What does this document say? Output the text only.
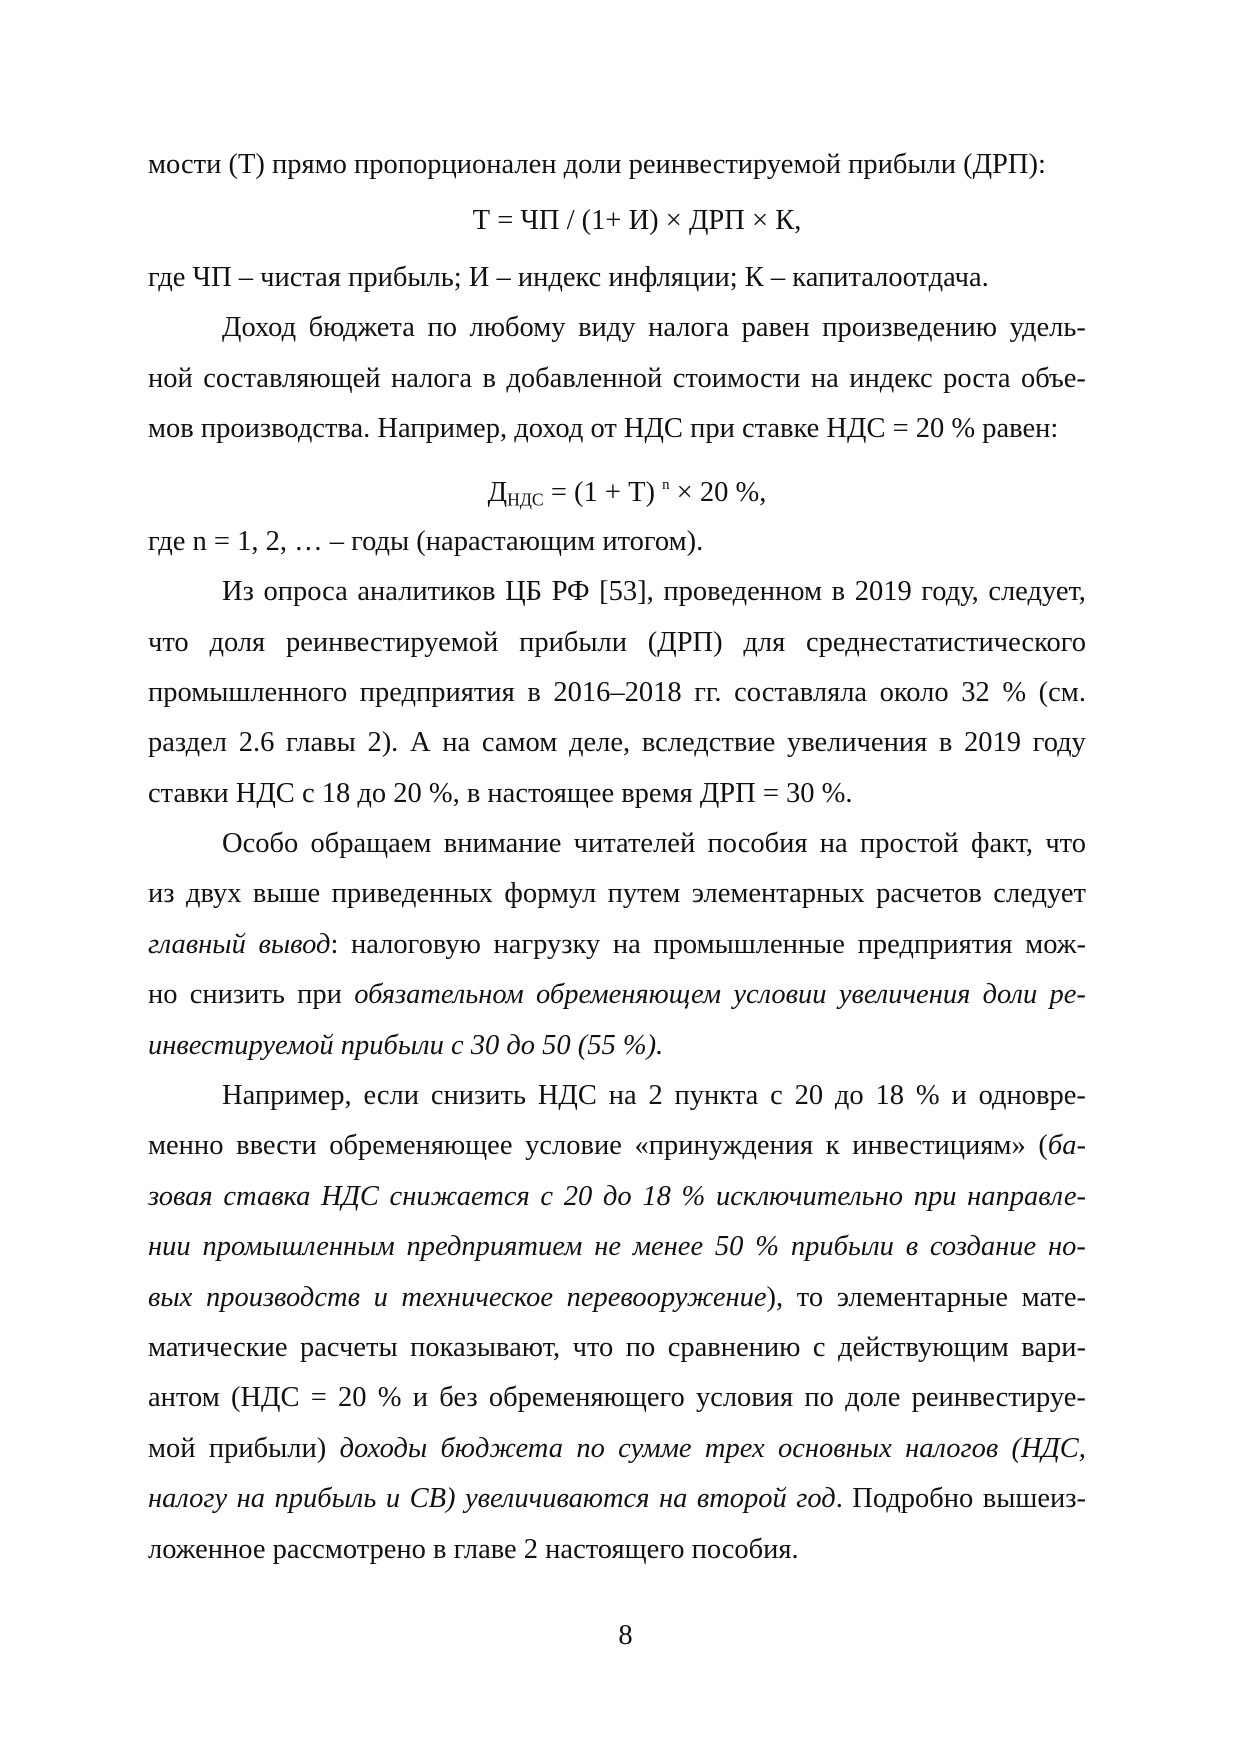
мости (Т) прямо пропорционален доли реинвестируемой прибыли (ДРП):
Т = ЧП / (1+ И) × ДРП × К,
где ЧП – чистая прибыль; И – индекс инфляции; К – капиталоотдача.
Доход бюджета по любому виду налога равен произведению удель-
ной составляющей налога в добавленной стоимости на индекс роста объе-
мов производства. Например, доход от НДС при ставке НДС = 20 % равен:
$Д_{НДС} = (1 + Т) ^n \times 20$ %,
где n = 1, 2, … – годы (нарастающим итогом).
Из опроса аналитиков ЦБ РФ [53], проведенном в 2019 году, следует,
что доля реинвестируемой прибыли (ДРП) для среднестатистического
промышленного предприятия в 2016–2018 гг. составляла около 32 % (см.
раздел 2.6 главы 2). А на самом деле, вследствие увеличения в 2019 году
ставки НДС с 18 до 20 %, в настоящее время ДРП = 30 %.
Особо обращаем внимание читателей пособия на простой факт, что
из двух выше приведенных формул путем элементарных расчетов следует
главный вывод: налоговую нагрузку на промышленные предприятия мож-
но снизить при обязательном обременяющем условии увеличения доли ре-
инвестируемой прибыли с 30 до 50 (55 %).
Например, если снизить НДС на 2 пункта с 20 до 18 % и одновре-
менно ввести обременяющее условие «принуждения к инвестициям» (ба-
зовая ставка НДС снижается с 20 до 18 % исключительно при направле-
нии промышленным предприятием не менее 50 % прибыли в создание но-
вых производств и техническое перевооружение), то элементарные мате-
матические расчеты показывают, что по сравнению с действующим вари-
антом (НДС = 20 % и без обременяющего условия по доле реинвестируе-
мой прибыли) доходы бюджета по сумме трех основных налогов (НДС,
налогу на прибыль и СВ) увеличиваются на второй год. Подробно вышеиз-
ложенное рассмотрено в главе 2 настоящего пособия.
8
